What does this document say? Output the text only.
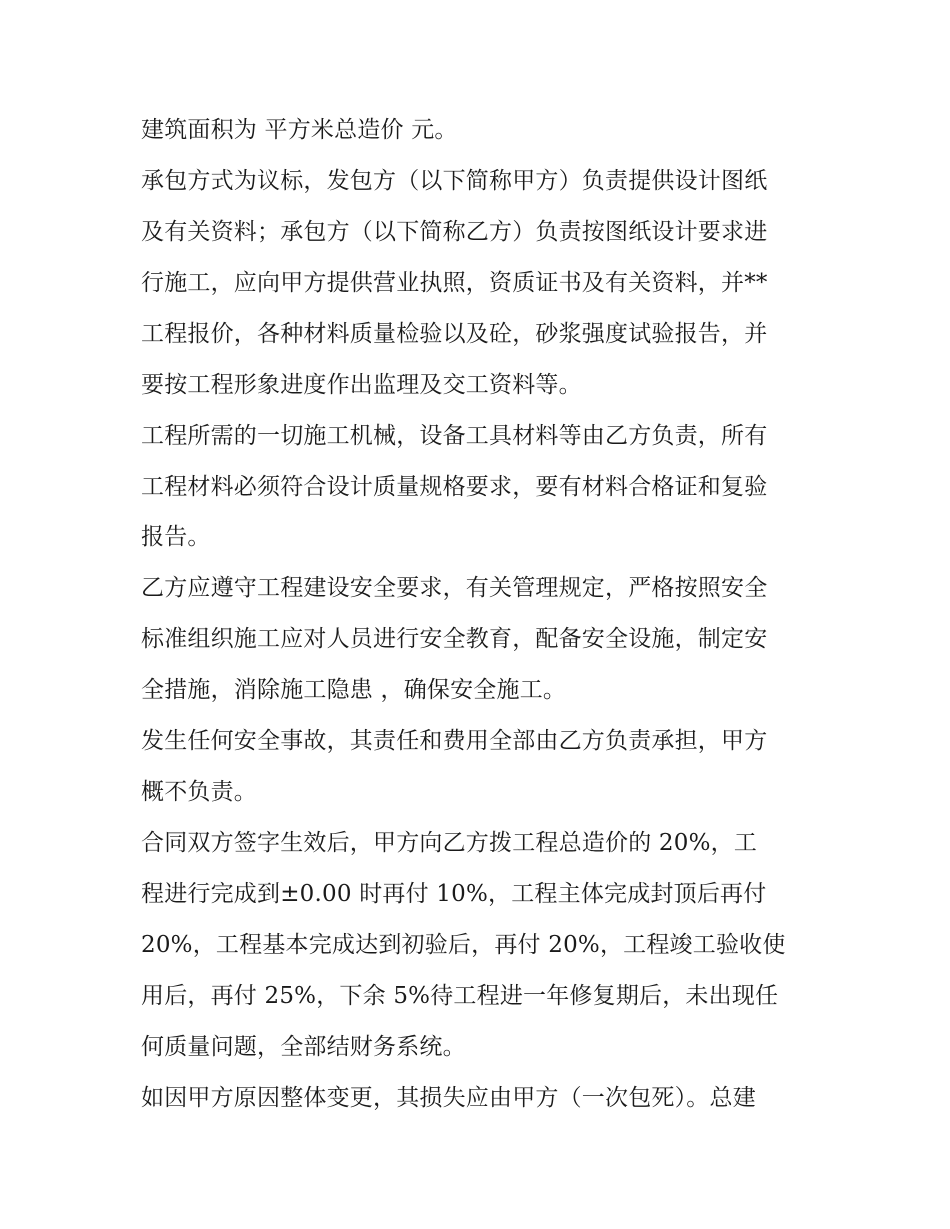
建筑面积为 平方米总造价 元。
承包方式为议标，发包方（以下简称甲方）负责提供设计图纸
及有关资料；承包方（以下简称乙方）负责按图纸设计要求进
行施工，应向甲方提供营业执照，资质证书及有关资料，并**
工程报价，各种材料质量检验以及砼，砂浆强度试验报告，并
要按工程形象进度作出监理及交工资料等。
工程所需的一切施工机械，设备工具材料等由乙方负责，所有
工程材料必须符合设计质量规格要求，要有材料合格证和复验
报告。
乙方应遵守工程建设安全要求，有关管理规定，严格按照安全
标准组织施工应对人员进行安全教育，配备安全设施，制定安
全措施，消除施工隐患 ，确保安全施工。
发生任何安全事故，其责任和费用全部由乙方负责承担，甲方
概不负责。
合同双方签字生效后，甲方向乙方拨工程总造价的 20%，工
程进行完成到±0.00 时再付 10%，工程主体完成封顶后再付
20%，工程基本完成达到初验后，再付 20%，工程竣工验收使
用后，再付 25%，下余 5%待工程进一年修复期后，未出现任
何质量问题，全部结财务系统。
如因甲方原因整体变更，其损失应由甲方（一次包死）。总建
